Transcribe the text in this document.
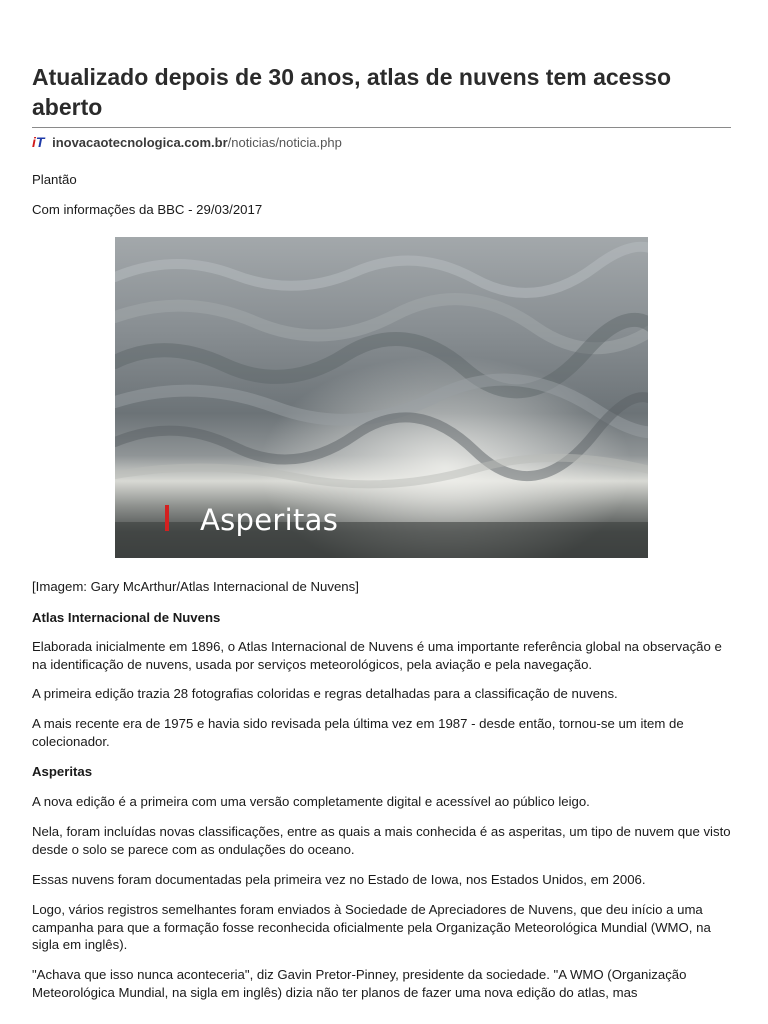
Atualizado depois de 30 anos, atlas de nuvens tem acesso aberto
iT inovacaotecnologica.com.br/noticias/noticia.php

Plantão

Com informações da BBC - 29/03/2017

Asperitas

[Imagem: Gary McArthur/Atlas Internacional de Nuvens]

Atlas Internacional de Nuvens

Elaborada inicialmente em 1896, o Atlas Internacional de Nuvens é uma importante referência global na observação e na identificação de nuvens, usada por serviços meteorológicos, pela aviação e pela navegação.

A primeira edição trazia 28 fotografias coloridas e regras detalhadas para a classificação de nuvens.

A mais recente era de 1975 e havia sido revisada pela última vez em 1987 - desde então, tornou-se um item de colecionador.

Asperitas

A nova edição é a primeira com uma versão completamente digital e acessível ao público leigo.

Nela, foram incluídas novas classificações, entre as quais a mais conhecida é as asperitas, um tipo de nuvem que visto desde o solo se parece com as ondulações do oceano.

Essas nuvens foram documentadas pela primeira vez no Estado de Iowa, nos Estados Unidos, em 2006.

Logo, vários registros semelhantes foram enviados à Sociedade de Apreciadores de Nuvens, que deu início a uma campanha para que a formação fosse reconhecida oficialmente pela Organização Meteorológica Mundial (WMO, na sigla em inglês).

"Achava que isso nunca aconteceria", diz Gavin Pretor-Pinney, presidente da sociedade. "A WMO (Organização Meteorológica Mundial, na sigla em inglês) dizia não ter planos de fazer uma nova edição do atlas, mas
